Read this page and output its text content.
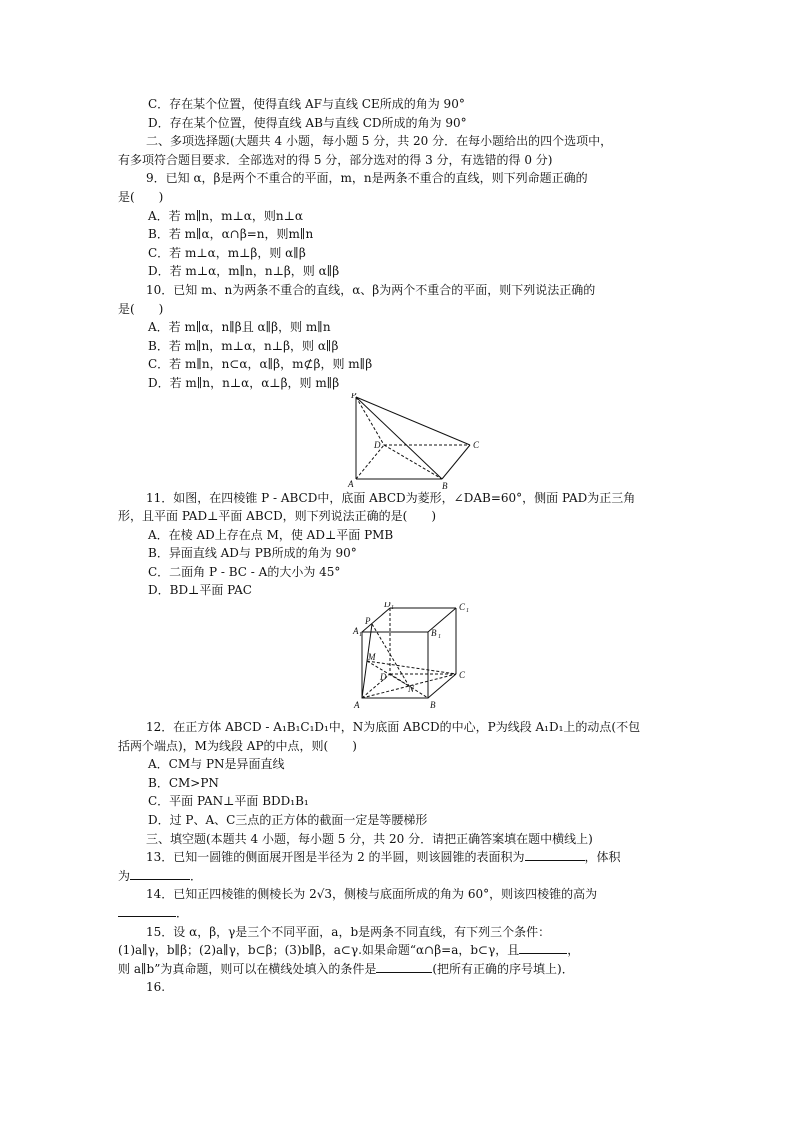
C．存在某个位置，使得直线 AF与直线 CE所成的角为 90°
D．存在某个位置，使得直线 AB与直线 CD所成的角为 90°
二、多项选择题(大题共 4 小题，每小题 5 分，共 20 分．在每小题给出的四个选项中，
有多项符合题目要求．全部选对的得 5 分，部分选对的得 3 分，有选错的得 0 分)
9．已知 α，β是两个不重合的平面，m，n是两条不重合的直线，则下列命题正确的
是(　　)
A．若 m∥n，m⊥α，则n⊥α
B．若 m∥α，α∩β=n，则m∥n
C．若 m⊥α，m⊥β，则 α∥β
D．若 m⊥α，m∥n，n⊥β，则 α∥β
10．已知 m、n为两条不重合的直线，α、β为两个不重合的平面，则下列说法正确的
是(　　)
A．若 m∥α，n∥β且 α∥β，则 m∥n
B．若 m∥n，m⊥α，n⊥β，则 α∥β
C．若 m∥n，n⊂α，α∥β，m⊄β，则 m∥β
D．若 m∥n，n⊥α，α⊥β，则 m∥β
P
D	C
A	B
11．如图，在四棱锥 P - ABCD中，底面 ABCD为菱形，∠DAB=60°，侧面 PAD为正三角
形，且平面 PAD⊥平面 ABCD，则下列说法正确的是(　　)
A．在棱 AD上存在点 M，使 AD⊥平面 PMB
B．异面直线 AD与 PB所成的角为 90°
C．二面角 P - BC - A的大小为 45°
D．BD⊥平面 PAC
D 1	C 1
A 1	B 1
P
M
D	C
N
A	B
12．在正方体 ABCD - A₁B₁C₁D₁中，N为底面 ABCD的中心，P为线段 A₁D₁上的动点(不包
括两个端点)，M为线段 AP的中点，则(　　)
A．CM与 PN是异面直线
B．CM>PN
C．平面 PAN⊥平面 BDD₁B₁
D．过 P、A、C三点的正方体的截面一定是等腰梯形
三、填空题(本题共 4 小题，每小题 5 分，共 20 分．请把正确答案填在题中横线上)
13．已知一圆锥的侧面展开图是半径为 2 的半圆，则该圆锥的表面积为	，体积
为	．
14．已知正四棱锥的侧棱长为 2√3，侧棱与底面所成的角为 60°，则该四棱锥的高为
．
15．设 α，β，γ是三个不同平面，a，b是两条不同直线，有下列三个条件：
(1)a∥γ，b∥β；(2)a∥γ，b⊂β；(3)b∥β，a⊂γ.如果命题“α∩β=a，b⊂γ，且	，
则 a∥b”为真命题，则可以在横线处填入的条件是	(把所有正确的序号填上)．
16.
